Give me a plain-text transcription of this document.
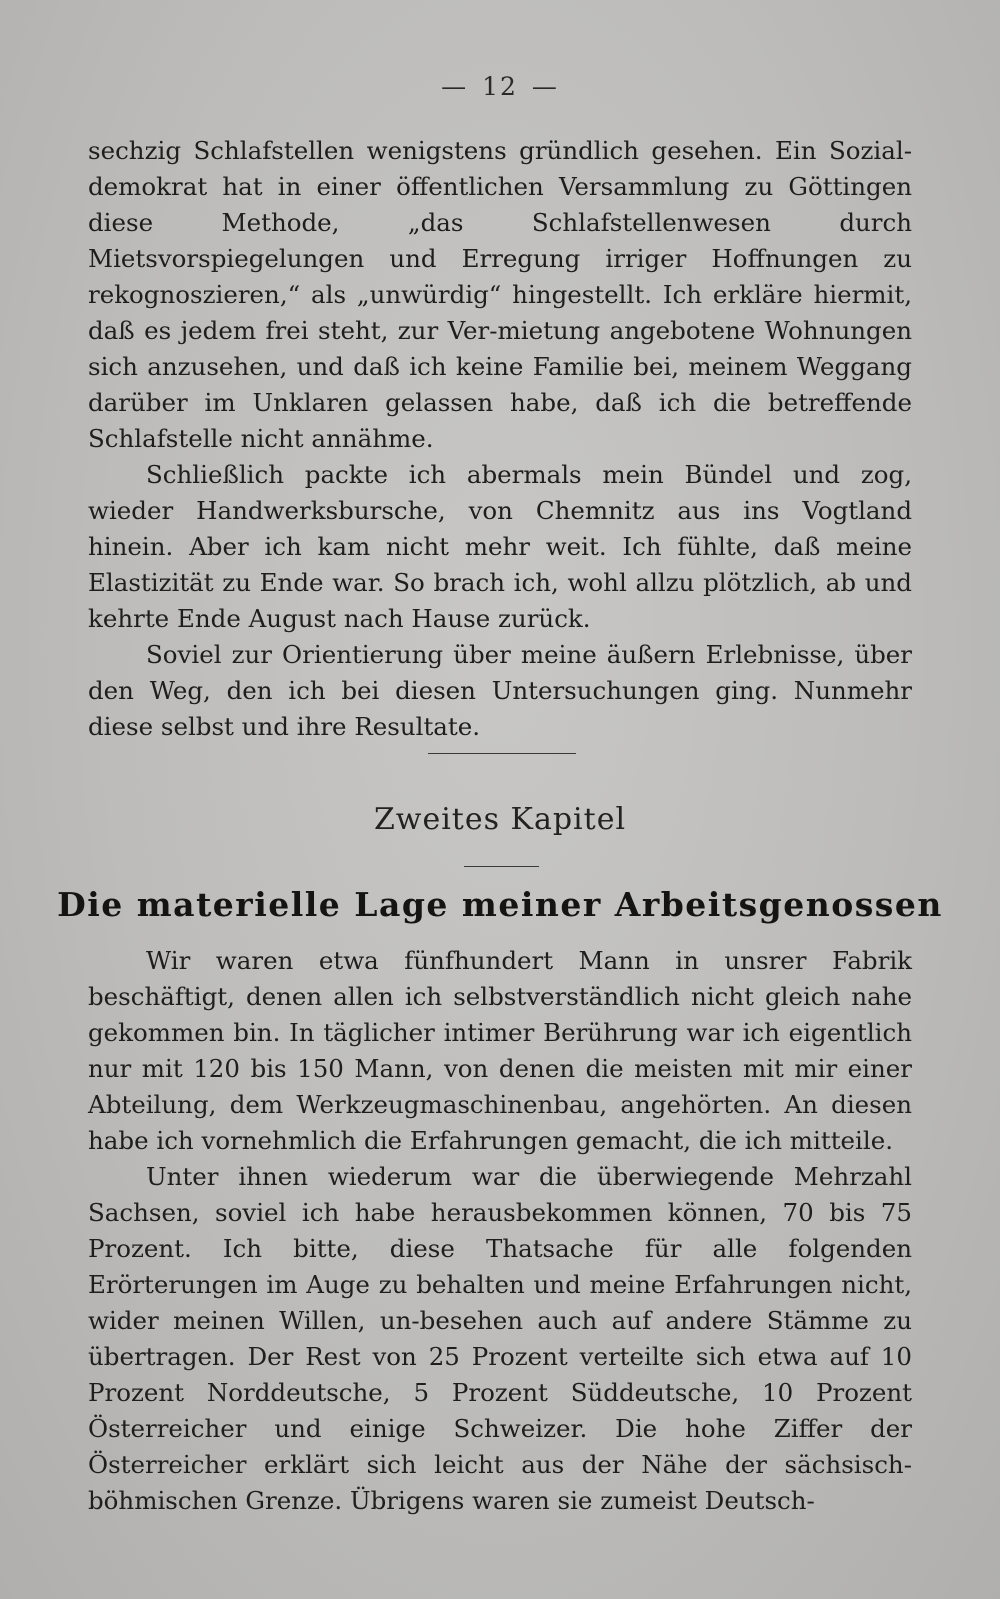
— 12 —

sechzig Schlafstellen wenigstens gründlich gesehen. Ein Sozial-demokrat hat in einer öffentlichen Versammlung zu Göttingen diese Methode, „das Schlafstellenwesen durch Mietsvorspiegelungen und Erregung irriger Hoffnungen zu rekognoszieren,“ als „unwürdig“ hingestellt. Ich erkläre hiermit, daß es jedem frei steht, zur Ver-mietung angebotene Wohnungen sich anzusehen, und daß ich keine Familie bei, meinem Weggang darüber im Unklaren gelassen habe, daß ich die betreffende Schlafstelle nicht annähme.

Schließlich packte ich abermals mein Bündel und zog, wieder Handwerksbursche, von Chemnitz aus ins Vogtland hinein. Aber ich kam nicht mehr weit. Ich fühlte, daß meine Elastizität zu Ende war. So brach ich, wohl allzu plötzlich, ab und kehrte Ende August nach Hause zurück.

Soviel zur Orientierung über meine äußern Erlebnisse, über den Weg, den ich bei diesen Untersuchungen ging. Nunmehr diese selbst und ihre Resultate.

Zweites Kapitel
Die materielle Lage meiner Arbeitsgenossen

Wir waren etwa fünfhundert Mann in unsrer Fabrik beschäftigt, denen allen ich selbstverständlich nicht gleich nahe gekommen bin. In täglicher intimer Berührung war ich eigentlich nur mit 120 bis 150 Mann, von denen die meisten mit mir einer Abteilung, dem Werkzeugmaschinenbau, angehörten. An diesen habe ich vornehmlich die Erfahrungen gemacht, die ich mitteile.

Unter ihnen wiederum war die überwiegende Mehrzahl Sachsen, soviel ich habe herausbekommen können, 70 bis 75 Prozent. Ich bitte, diese Thatsache für alle folgenden Erörterungen im Auge zu behalten und meine Erfahrungen nicht, wider meinen Willen, un-besehen auch auf andere Stämme zu übertragen. Der Rest von 25 Prozent verteilte sich etwa auf 10 Prozent Norddeutsche, 5 Prozent Süddeutsche, 10 Prozent Österreicher und einige Schweizer. Die hohe Ziffer der Österreicher erklärt sich leicht aus der Nähe der sächsisch-böhmischen Grenze. Übrigens waren sie zumeist Deutsch-
